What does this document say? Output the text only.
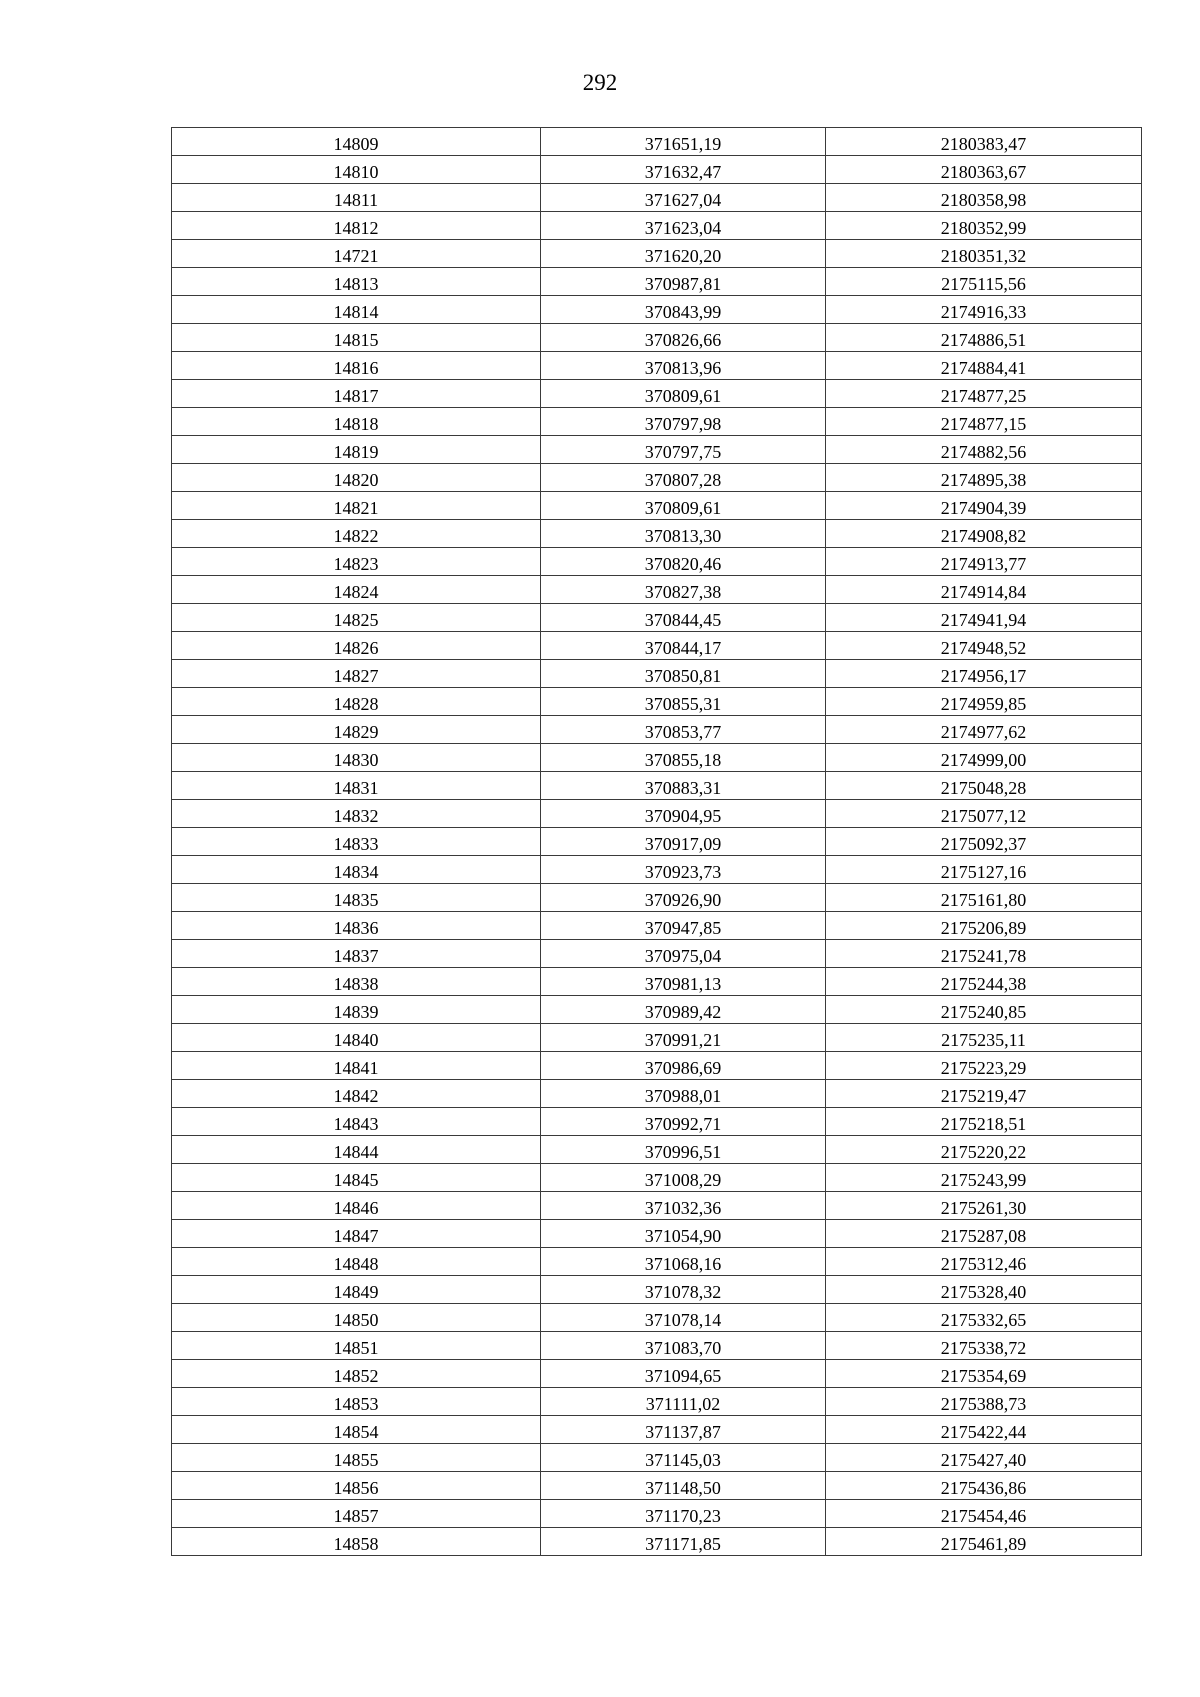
292
14809	371651,19	2180383,47
14810	371632,47	2180363,67
14811	371627,04	2180358,98
14812	371623,04	2180352,99
14721	371620,20	2180351,32
14813	370987,81	2175115,56
14814	370843,99	2174916,33
14815	370826,66	2174886,51
14816	370813,96	2174884,41
14817	370809,61	2174877,25
14818	370797,98	2174877,15
14819	370797,75	2174882,56
14820	370807,28	2174895,38
14821	370809,61	2174904,39
14822	370813,30	2174908,82
14823	370820,46	2174913,77
14824	370827,38	2174914,84
14825	370844,45	2174941,94
14826	370844,17	2174948,52
14827	370850,81	2174956,17
14828	370855,31	2174959,85
14829	370853,77	2174977,62
14830	370855,18	2174999,00
14831	370883,31	2175048,28
14832	370904,95	2175077,12
14833	370917,09	2175092,37
14834	370923,73	2175127,16
14835	370926,90	2175161,80
14836	370947,85	2175206,89
14837	370975,04	2175241,78
14838	370981,13	2175244,38
14839	370989,42	2175240,85
14840	370991,21	2175235,11
14841	370986,69	2175223,29
14842	370988,01	2175219,47
14843	370992,71	2175218,51
14844	370996,51	2175220,22
14845	371008,29	2175243,99
14846	371032,36	2175261,30
14847	371054,90	2175287,08
14848	371068,16	2175312,46
14849	371078,32	2175328,40
14850	371078,14	2175332,65
14851	371083,70	2175338,72
14852	371094,65	2175354,69
14853	371111,02	2175388,73
14854	371137,87	2175422,44
14855	371145,03	2175427,40
14856	371148,50	2175436,86
14857	371170,23	2175454,46
14858	371171,85	2175461,89
